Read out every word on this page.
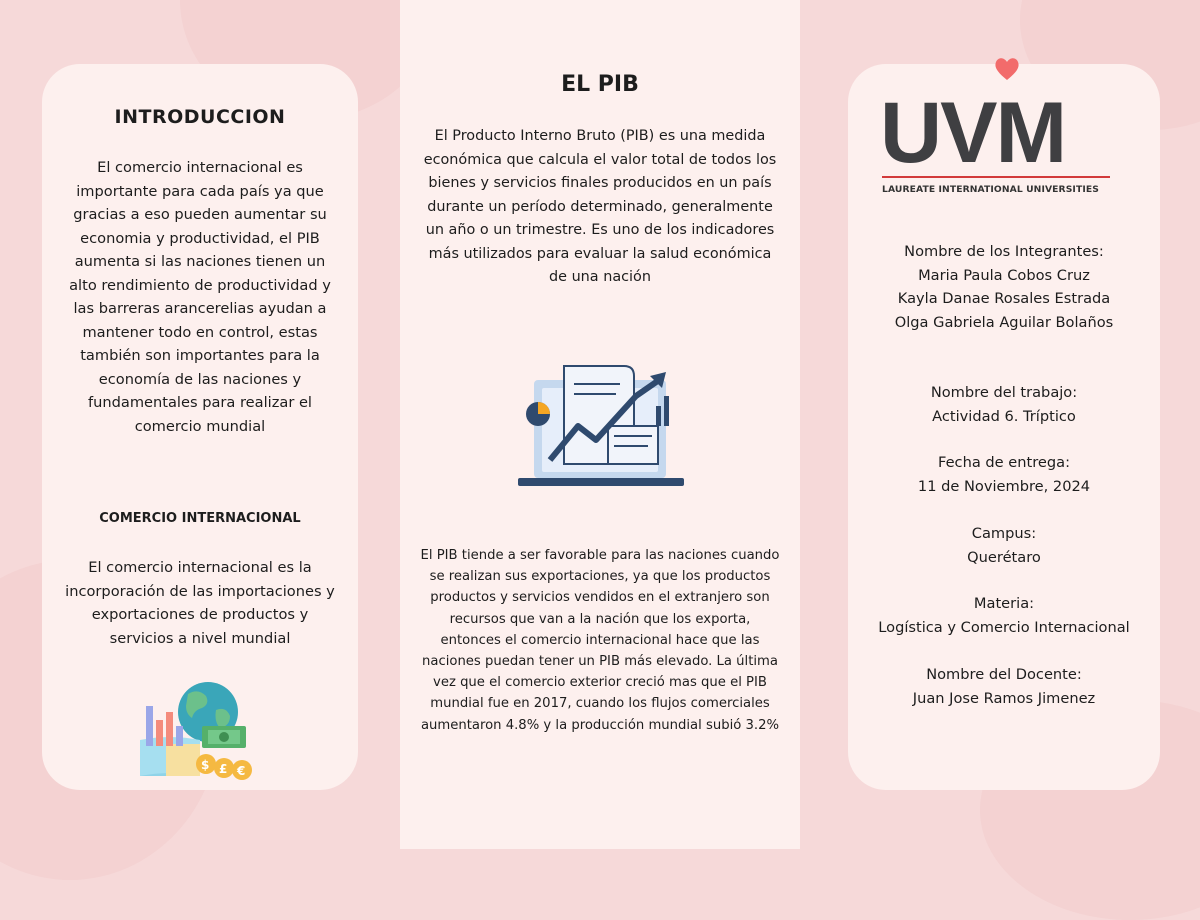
INTRODUCCION

El comercio internacional es importante para cada país ya que gracias a eso pueden aumentar su economia y productividad, el PIB aumenta si las naciones tienen un alto rendimiento de productividad y las barreras arancerelias ayudan a mantener todo en control, estas también son importantes para la economía de las naciones y fundamentales para realizar el comercio mundial

COMERCIO INTERNACIONAL

El comercio internacional es la incorporación de las importaciones y exportaciones de productos y servicios a nivel mundial

$ £ €
EL PIB

El Producto Interno Bruto (PIB) es una medida económica que calcula el valor total de todos los bienes y servicios finales producidos en un país durante un período determinado, generalmente un año o un trimestre. Es uno de los indicadores más utilizados para evaluar la salud económica de una nación

El PIB tiende a ser favorable para las naciones cuando se realizan sus exportaciones, ya que los productos productos y servicios vendidos en el extranjero son recursos que van a la nación que los exporta, entonces el comercio internacional hace que las naciones puedan tener un PIB más elevado. La última vez que el comercio exterior creció mas que el PIB mundial fue en 2017, cuando los flujos comerciales aumentaron 4.8% y la producción mundial subió 3.2%

UVM
LAUREATE INTERNATIONAL UNIVERSITIES
Nombre de los Integrantes:
Maria Paula Cobos Cruz
Kayla Danae Rosales Estrada
Olga Gabriela Aguilar Bolaños
Nombre del trabajo:
Actividad 6. Tríptico
Fecha de entrega:
11 de Noviembre, 2024
Campus:
Querétaro
Materia:
Logística y Comercio Internacional
Nombre del Docente:
Juan Jose Ramos Jimenez
